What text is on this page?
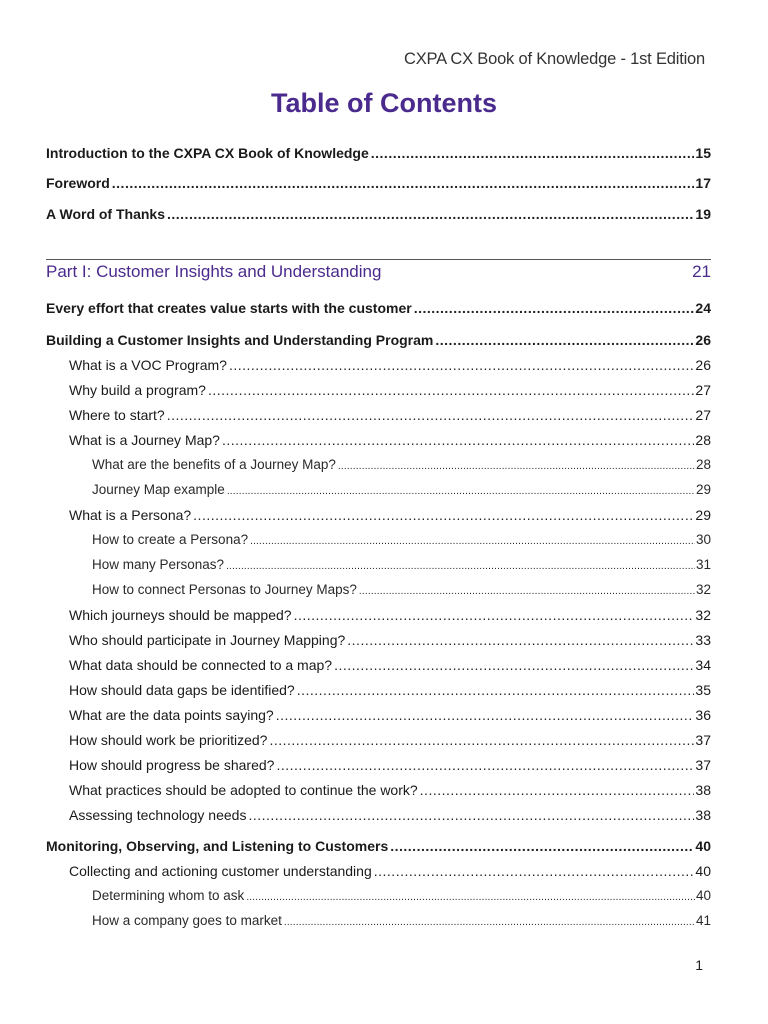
CXPA CX Book of Knowledge - 1st Edition
Table of Contents
Introduction to the CXPA CX Book of Knowledge .....	15
Foreword .....	17
A Word of Thanks .....	19
Part I: Customer Insights and Understanding	21
Every effort that creates value starts with the customer .....	24
Building a Customer Insights and Understanding Program .....	26
What is a VOC Program? .....	26
Why build a program? .....	27
Where to start? .....	27
What is a Journey Map? .....	28
What are the benefits of a Journey Map? .....	28
Journey Map example .....	29
What is a Persona? .....	29
How to create a Persona? .....	30
How many Personas? .....	31
How to connect Personas to Journey Maps? .....	32
Which journeys should be mapped? .....	32
Who should participate in Journey Mapping? .....	33
What data should be connected to a map? .....	34
How should data gaps be identified? .....	35
What are the data points saying? .....	36
How should work be prioritized? .....	37
How should progress be shared? .....	37
What practices should be adopted to continue the work? .....	38
Assessing technology needs .....	38
Monitoring, Observing, and Listening to Customers .....	40
Collecting and actioning customer understanding .....	40
Determining whom to ask .....	40
How a company goes to market .....	41
1
